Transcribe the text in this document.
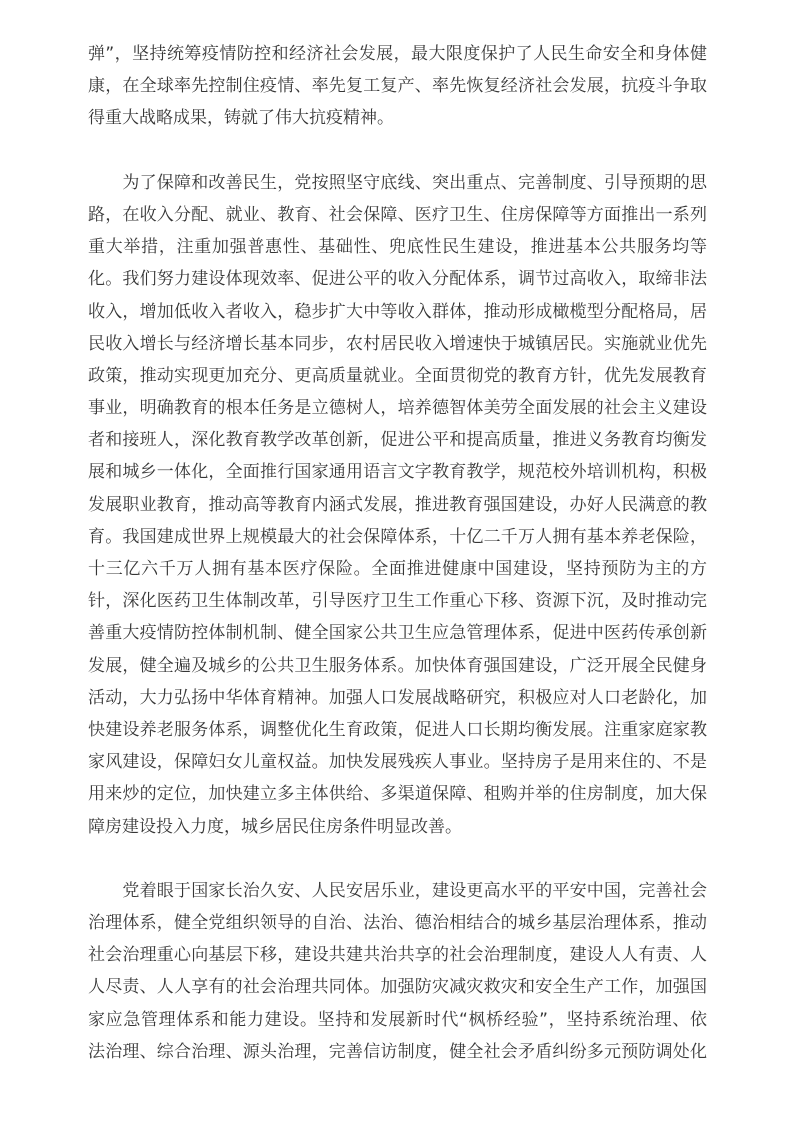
弹”，坚持统筹疫情防控和经济社会发展，最大限度保护了人民生命安全和身体健
康，在全球率先控制住疫情、率先复工复产、率先恢复经济社会发展，抗疫斗争取
得重大战略成果，铸就了伟大抗疫精神。
　　为了保障和改善民生，党按照坚守底线、突出重点、完善制度、引导预期的思
路，在收入分配、就业、教育、社会保障、医疗卫生、住房保障等方面推出一系列
重大举措，注重加强普惠性、基础性、兜底性民生建设，推进基本公共服务均等
化。我们努力建设体现效率、促进公平的收入分配体系，调节过高收入，取缔非法
收入，增加低收入者收入，稳步扩大中等收入群体，推动形成橄榄型分配格局，居
民收入增长与经济增长基本同步，农村居民收入增速快于城镇居民。实施就业优先
政策，推动实现更加充分、更高质量就业。全面贯彻党的教育方针，优先发展教育
事业，明确教育的根本任务是立德树人，培养德智体美劳全面发展的社会主义建设
者和接班人，深化教育教学改革创新，促进公平和提高质量，推进义务教育均衡发
展和城乡一体化，全面推行国家通用语言文字教育教学，规范校外培训机构，积极
发展职业教育，推动高等教育内涵式发展，推进教育强国建设，办好人民满意的教
育。我国建成世界上规模最大的社会保障体系，十亿二千万人拥有基本养老保险，
十三亿六千万人拥有基本医疗保险。全面推进健康中国建设，坚持预防为主的方
针，深化医药卫生体制改革，引导医疗卫生工作重心下移、资源下沉，及时推动完
善重大疫情防控体制机制、健全国家公共卫生应急管理体系，促进中医药传承创新
发展，健全遍及城乡的公共卫生服务体系。加快体育强国建设，广泛开展全民健身
活动，大力弘扬中华体育精神。加强人口发展战略研究，积极应对人口老龄化，加
快建设养老服务体系，调整优化生育政策，促进人口长期均衡发展。注重家庭家教
家风建设，保障妇女儿童权益。加快发展残疾人事业。坚持房子是用来住的、不是
用来炒的定位，加快建立多主体供给、多渠道保障、租购并举的住房制度，加大保
障房建设投入力度，城乡居民住房条件明显改善。
　　党着眼于国家长治久安、人民安居乐业，建设更高水平的平安中国，完善社会
治理体系，健全党组织领导的自治、法治、德治相结合的城乡基层治理体系，推动
社会治理重心向基层下移，建设共建共治共享的社会治理制度，建设人人有责、人
人尽责、人人享有的社会治理共同体。加强防灾减灾救灾和安全生产工作，加强国
家应急管理体系和能力建设。坚持和发展新时代“枫桥经验”，坚持系统治理、依
法治理、综合治理、源头治理，完善信访制度，健全社会矛盾纠纷多元预防调处化
